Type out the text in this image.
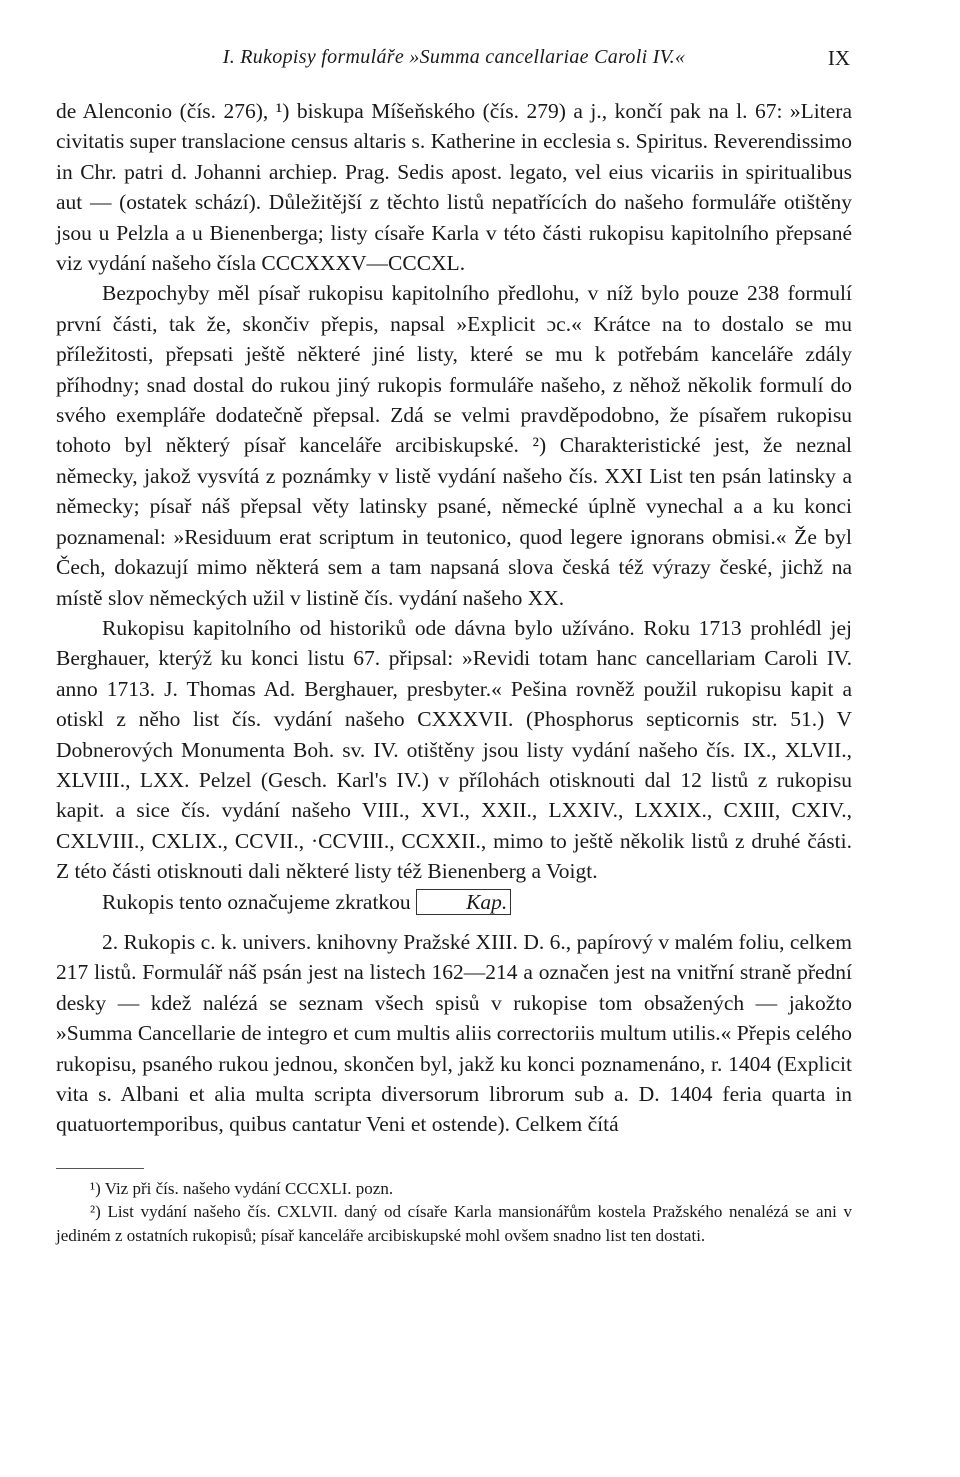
I. Rukopisy formuláře »Summa cancellariae Caroli IV.«	IX

de Alenconio (čís. 276), ¹) biskupa Míšeňského (čís. 279) a j., končí pak na l. 67: »Litera civitatis super translacione census altaris s. Katherine in ecclesia s. Spiritus. Reverendissimo in Chr. patri d. Johanni archiep. Prag. Sedis apost. legato, vel eius vicariis in spiritualibus aut — (ostatek schází). Důležitější z těchto listů nepatřících do našeho formuláře otištěny jsou u Pelzla a u Bienenberga; listy císaře Karla v této části rukopisu kapitolního přepsané viz vydání našeho čísla CCCXXXV—CCCXL.

Bezpochyby měl písař rukopisu kapitolního předlohu, v níž bylo pouze 238 formulí první části, tak že, skončiv přepis, napsal »Explicit ɔc.« Krátce na to dostalo se mu příležitosti, přepsati ještě některé jiné listy, které se mu k potřebám kanceláře zdály příhodny; snad dostal do rukou jiný rukopis formuláře našeho, z něhož několik formulí do svého exempláře dodatečně přepsal. Zdá se velmi pravděpodobno, že písařem rukopisu tohoto byl některý písař kanceláře arcibiskupské. ²) Charakteristické jest, že neznal německy, jakož vysvítá z poznámky v listě vydání našeho čís. XXI List ten psán latinsky a německy; písař náš přepsal věty latinsky psané, německé úplně vynechal a a ku konci poznamenal: »Residuum erat scriptum in teutonico, quod legere ignorans obmisi.« Že byl Čech, dokazují mimo některá sem a tam napsaná slova česká též výrazy české, jichž na místě slov německých užil v listině čís. vydání našeho XX.

Rukopisu kapitolního od historiků ode dávna bylo užíváno. Roku 1713 prohlédl jej Berghauer, kterýž ku konci listu 67. připsal: »Revidi totam hanc cancellariam Caroli IV. anno 1713. J. Thomas Ad. Berghauer, presbyter.« Pešina rovněž použil rukopisu kapit a otiskl z něho list čís. vydání našeho CXXXVII. (Phosphorus septicornis str. 51.) V Dobnerových Monumenta Boh. sv. IV. otištěny jsou listy vydání našeho čís. IX., XLVII., XLVIII., LXX. Pelzel (Gesch. Karl's IV.) v přílohách otisknouti dal 12 listů z rukopisu kapit. a sice čís. vydání našeho VIII., XVI., XXII., LXXIV., LXXIX., CXIII, CXIV., CXLVIII., CXLIX., CCVII., ·CCVIII., CCXXII., mimo to ještě několik listů z druhé části. Z této části otisknouti dali některé listy též Bienenberg a Voigt.

Rukopis tento označujeme zkratkou	Kap.

2. Rukopis c. k. univers. knihovny Pražské XIII. D. 6., papírový v malém foliu, celkem 217 listů. Formulář náš psán jest na listech 162—214 a označen jest na vnitřní straně přední desky — kdež nalézá se seznam všech spisů v rukopise tom obsažených — jakožto »Summa Cancellarie de integro et cum multis aliis correctoriis multum utilis.« Přepis celého rukopisu, psaného rukou jednou, skončen byl, jakž ku konci poznamenáno, r. 1404 (Explicit vita s. Albani et alia multa scripta diversorum librorum sub a. D. 1404 feria quarta in quatuortemporibus, quibus cantatur Veni et ostende). Celkem čítá

¹) Viz při čís. našeho vydání CCCXLI. pozn.

²) List vydání našeho čís. CXLVII. daný od císaře Karla mansionářům kostela Pražského nenalézá se ani v jediném z ostatních rukopisů; písař kanceláře arcibiskupské mohl ovšem snadno list ten dostati.
